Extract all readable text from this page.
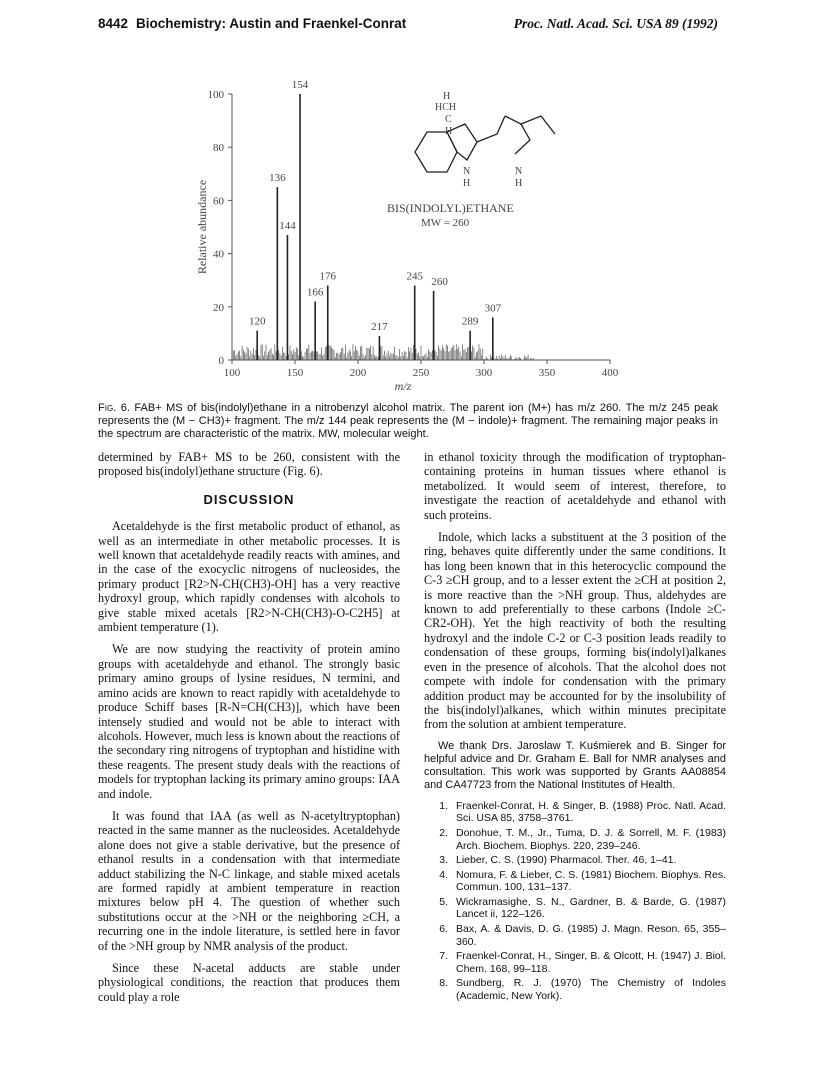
8442 Biochemistry: Austin and Fraenkel-Conrat	Proc. Natl. Acad. Sci. USA 89 (1992)
0
20
40
60
80
100
100	150	200	250	300	350	400
Relative abundance
m/z
154
136
144
176
166
245 260
120	217	289
307
N
H
N
H
H
HCH
C
H
BIS(INDOLYL)ETHANE
MW = 260
Fig. 6. FAB+ MS of bis(indolyl)ethane in a nitrobenzyl alcohol matrix. The parent ion (M+) has m/z 260. The m/z 245 peak represents the (M − CH3)+ fragment. The m/z 144 peak represents the (M − indole)+ fragment. The remaining major peaks in the spectrum are characteristic of the matrix. MW, molecular weight.

determined by FAB+ MS to be 260, consistent with the proposed bis(indolyl)ethane structure (Fig. 6).

DISCUSSION

Acetaldehyde is the first metabolic product of ethanol, as well as an intermediate in other metabolic processes. It is well known that acetaldehyde readily reacts with amines, and in the case of the exocyclic nitrogens of nucleosides, the primary product [R2>N-CH(CH3)-OH] has a very reactive hydroxyl group, which rapidly condenses with alcohols to give stable mixed acetals [R2>N-CH(CH3)-O-C2H5] at ambient temperature (1).

We are now studying the reactivity of protein amino groups with acetaldehyde and ethanol. The strongly basic primary amino groups of lysine residues, N termini, and amino acids are known to react rapidly with acetaldehyde to produce Schiff bases [R-N=CH(CH3)], which have been intensely studied and would not be able to interact with alcohols. However, much less is known about the reactions of the secondary ring nitrogens of tryptophan and histidine with these reagents. The present study deals with the reactions of models for tryptophan lacking its primary amino groups: IAA and indole.

It was found that IAA (as well as N-acetyltryptophan) reacted in the same manner as the nucleosides. Acetaldehyde alone does not give a stable derivative, but the presence of ethanol results in a condensation with that intermediate adduct stabilizing the N-C linkage, and stable mixed acetals are formed rapidly at ambient temperature in reaction mixtures below pH 4. The question of whether such substitutions occur at the >NH or the neighboring ≥CH, a recurring one in the indole literature, is settled here in favor of the >NH group by NMR analysis of the product.

Since these N-acetal adducts are stable under physiological conditions, the reaction that produces them could play a role

in ethanol toxicity through the modification of tryptophan-containing proteins in human tissues where ethanol is metabolized. It would seem of interest, therefore, to investigate the reaction of acetaldehyde and ethanol with such proteins.

Indole, which lacks a substituent at the 3 position of the ring, behaves quite differently under the same conditions. It has long been known that in this heterocyclic compound the C-3 ≥CH group, and to a lesser extent the ≥CH at position 2, is more reactive than the >NH group. Thus, aldehydes are known to add preferentially to these carbons (Indole ≥C-CR2-OH). Yet the high reactivity of both the resulting hydroxyl and the indole C-2 or C-3 position leads readily to condensation of these groups, forming bis(indolyl)alkanes even in the presence of alcohols. That the alcohol does not compete with indole for condensation with the primary addition product may be accounted for by the insolubility of the bis(indolyl)alkanes, which within minutes precipitate from the solution at ambient temperature.

We thank Drs. Jaroslaw T. Kuśmierek and B. Singer for helpful advice and Dr. Graham E. Ball for NMR analyses and consultation. This work was supported by Grants AA08854 and CA47723 from the National Institutes of Health.

1. Fraenkel-Conrat, H. & Singer, B. (1988) Proc. Natl. Acad. Sci. USA 85, 3758–3761.
2. Donohue, T. M., Jr., Tuma, D. J. & Sorrell, M. F. (1983) Arch. Biochem. Biophys. 220, 239–246.
3. Lieber, C. S. (1990) Pharmacol. Ther. 46, 1–41.
4. Nomura, F. & Lieber, C. S. (1981) Biochem. Biophys. Res. Commun. 100, 131–137.
5. Wickramasighe, S. N., Gardner, B. & Barde, G. (1987) Lancet ii, 122–126.
6. Bax, A. & Davis, D. G. (1985) J. Magn. Reson. 65, 355–360.
7. Fraenkel-Conrat, H., Singer, B. & Olcott, H. (1947) J. Biol. Chem. 168, 99–118.
8. Sundberg, R. J. (1970) The Chemistry of Indoles (Academic, New York).
